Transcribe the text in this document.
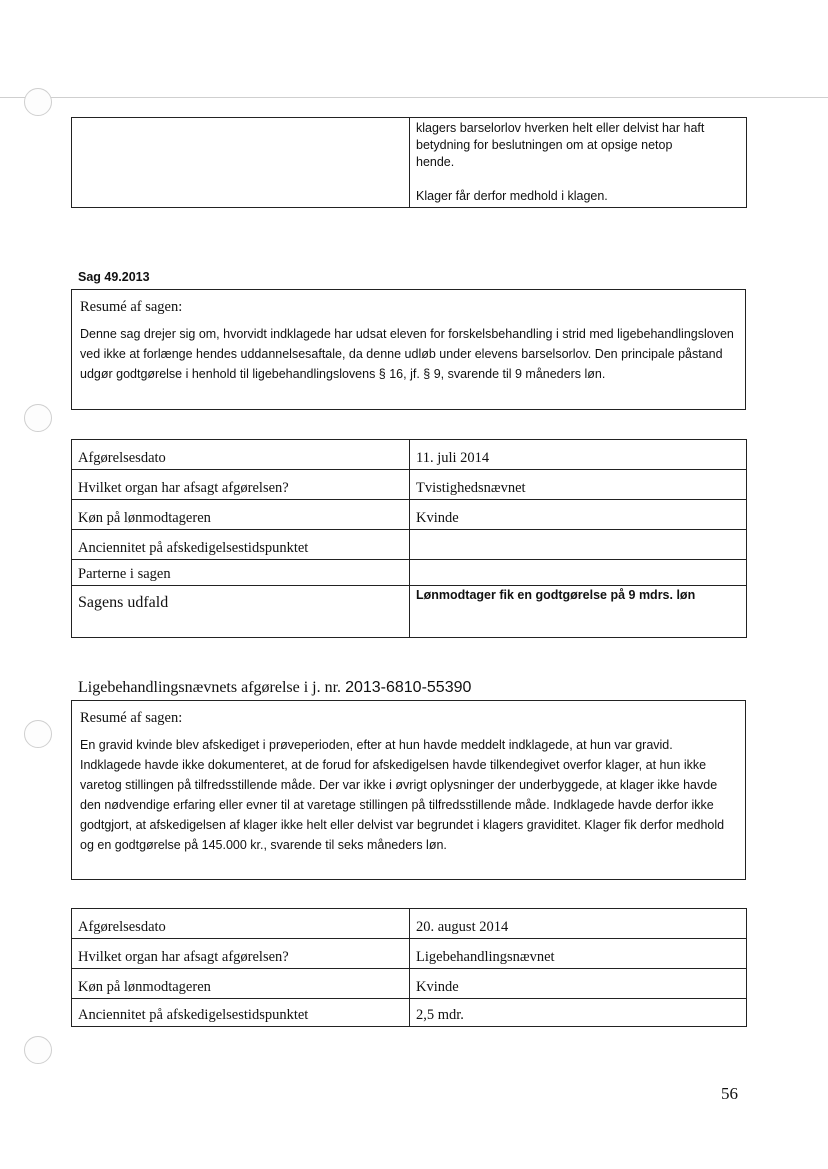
klagers barselorlov hverken helt eller delvist har haft
betydning for beslutningen om at opsige netop
hende.
Klager får derfor medhold i klagen.
Sag 49.2013

Resumé af sagen:

Denne sag drejer sig om, hvorvidt indklagede har udsat eleven for forskelsbehandling i strid med ligebehandlingsloven ved ikke at forlænge hendes uddannelsesaftale, da denne udløb under elevens barselsorlov. Den principale påstand udgør godtgørelse i henhold til ligebehandlingslovens § 16, jf. § 9, svarende til 9 måneders løn.

Afgørelsesdato	11. juli 2014
Hvilket organ har afsagt afgørelsen?	Tvistighedsnævnet
Køn på lønmodtageren	Kvinde
Anciennitet på afskedigelsestidspunktet	
Parterne i sagen	
Sagens udfald	Lønmodtager fik en godtgørelse på 9 mdrs. løn
Ligebehandlingsnævnets afgørelse i j. nr. 2013-6810-55390

Resumé af sagen:

En gravid kvinde blev afskediget i prøveperioden, efter at hun havde meddelt indklagede, at hun var gravid. Indklagede havde ikke dokumenteret, at de forud for afskedigelsen havde tilkendegivet overfor klager, at hun ikke varetog stillingen på tilfredsstillende måde. Der var ikke i øvrigt oplysninger der underbyggede, at klager ikke havde den nødvendige erfaring eller evner til at varetage stillingen på tilfredsstillende måde. Indklagede havde derfor ikke godtgjort, at afskedigelsen af klager ikke helt eller delvist var begrundet i klagers graviditet. Klager fik derfor medhold og en godtgørelse på 145.000 kr., svarende til seks måneders løn.

Afgørelsesdato	20. august 2014
Hvilket organ har afsagt afgørelsen?	Ligebehandlingsnævnet
Køn på lønmodtageren	Kvinde
Anciennitet på afskedigelsestidspunktet	2,5 mdr.
56
